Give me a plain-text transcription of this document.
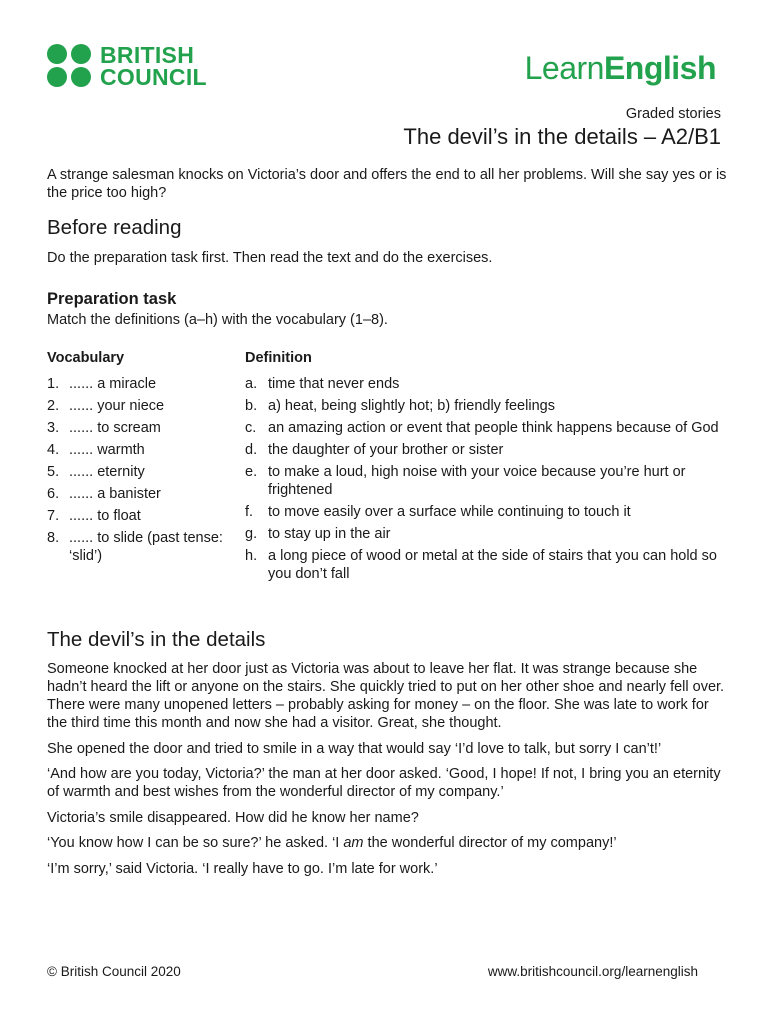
BRITISH
COUNCIL	LearnEnglish
Graded stories
The devil’s in the details – A2/B1
A strange salesman knocks on Victoria’s door and offers the end to all her problems. Will she say yes or is the price too high?
Before reading
Do the preparation task first. Then read the text and do the exercises.
Preparation task
Match the definitions (a–h) with the vocabulary (1–8).
Vocabulary	Definition
1. ...... a miracle
2. ...... your niece
3. ...... to scream
4. ...... warmth
5. ...... eternity
6. ...... a banister
7. ...... to float
8. ...... to slide (past tense: ‘slid’)
a. time that never ends
b. a) heat, being slightly hot; b) friendly feelings
c. an amazing action or event that people think happens because of God
d. the daughter of your brother or sister
e. to make a loud, high noise with your voice because you’re hurt or frightened
f.	to move easily over a surface while continuing to touch it
g. to stay up in the air
h. a long piece of wood or metal at the side of stairs that you can hold so you don’t fall
The devil’s in the details

Someone knocked at her door just as Victoria was about to leave her flat. It was strange because she hadn’t heard the lift or anyone on the stairs. She quickly tried to put on her other shoe and nearly fell over. There were many unopened letters – probably asking for money – on the floor. She was late to work for the third time this month and now she had a visitor. Great, she thought.

She opened the door and tried to smile in a way that would say ‘I’d love to talk, but sorry I can’t!’

‘And how are you today, Victoria?’ the man at her door asked. ‘Good, I hope! If not, I bring you an eternity of warmth and best wishes from the wonderful director of my company.’

Victoria’s smile disappeared. How did he know her name?

‘You know how I can be so sure?’ he asked. ‘I am the wonderful director of my company!’

‘I’m sorry,’ said Victoria. ‘I really have to go. I’m late for work.’

© British Council 2020	www.britishcouncil.org/learnenglish
